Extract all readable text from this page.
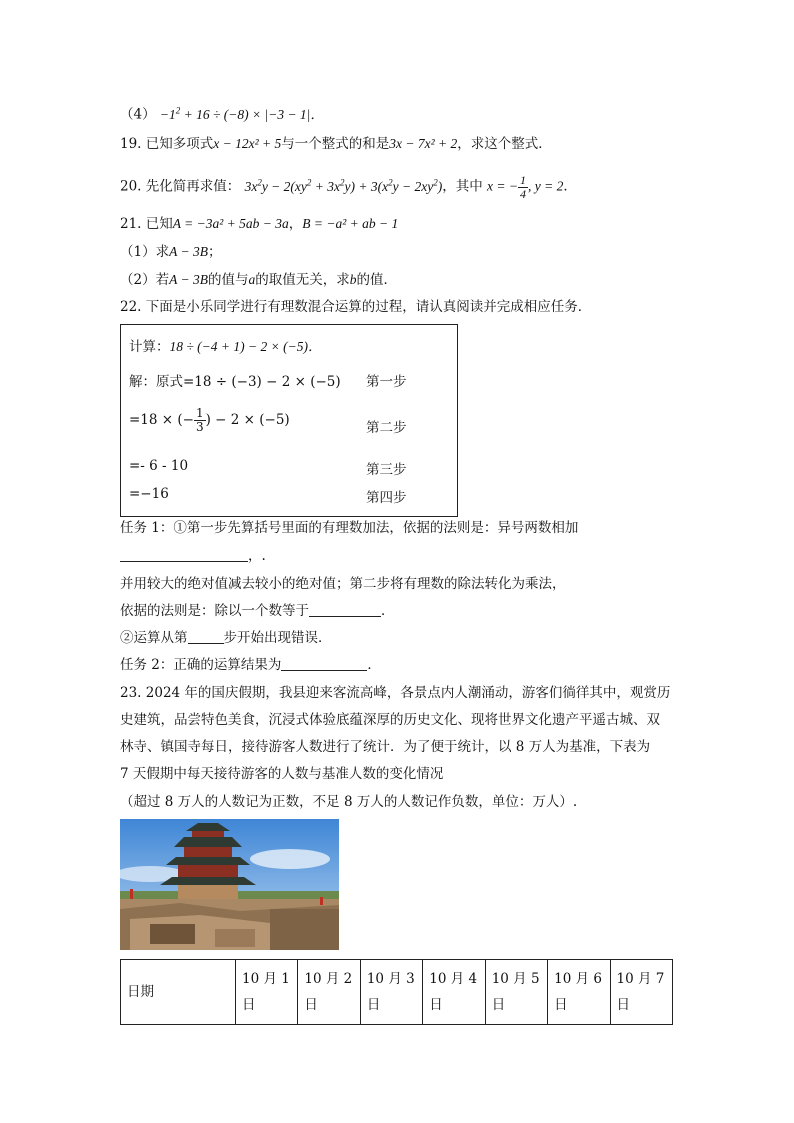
$(4) -1^2 + 16 \div (-8) \times |-3 - 1|$．
19. 已知多项式x − 12x² + 5与一个整式的和是3x − 7x² + 2，求这个整式．
20. 先化简再求值： $3x^2y - 2(xy^2 + 3x^2y) + 3(x^2y - 2xy^2)$，其中 x = − $\frac{1}{4}$ , y = 2．
21. 已知A = −3a² + 5ab − 3a，B = −a² + ab − 1
（1）求A − 3B；
（2）若A − 3B的值与a的取值无关，求b的值．
22. 下面是小乐同学进行有理数混合运算的过程，请认真阅读并完成相应任务．
计算：18 ÷ (−4 + 1) − 2 × (−5)．
解：原式=18 ÷ (−3) − 2 × (−5) 第一步
=18 × (− $\frac{1}{3}$ ) − 2 × (−5)	第二步
=- 6 - 10	第三步
=−16	第四步
任务 1：①第一步先算括号里面的有理数加法，依据的法则是：异号两数相加
，.
并用较大的绝对值减去较小的绝对值；第二步将有理数的除法转化为乘法，
依据的法则是：除以一个数等于	．
②运算从第	步开始出现错误．
任务 2：正确的运算结果为	．
23. 2024 年的国庆假期，我县迎来客流高峰，各景点内人潮涌动，游客们徜徉其中，观赏历
史建筑，品尝特色美食，沉浸式体验底蕴深厚的历史文化、现将世界文化遗产平遥古城、双
林寺、镇国寺每日，接待游客人数进行了统计．为了便于统计，以 8 万人为基准，下表为
7 天假期中每天接待游客的人数与基准人数的变化情况
（超过 8 万人的人数记为正数，不足 8 万人的人数记作负数，单位：万人）.
日期	10 月 1 日	10 月 2 日	10 月 3 日	10 月 4 日	10 月 5 日	10 月 6 日	10 月 7 日
